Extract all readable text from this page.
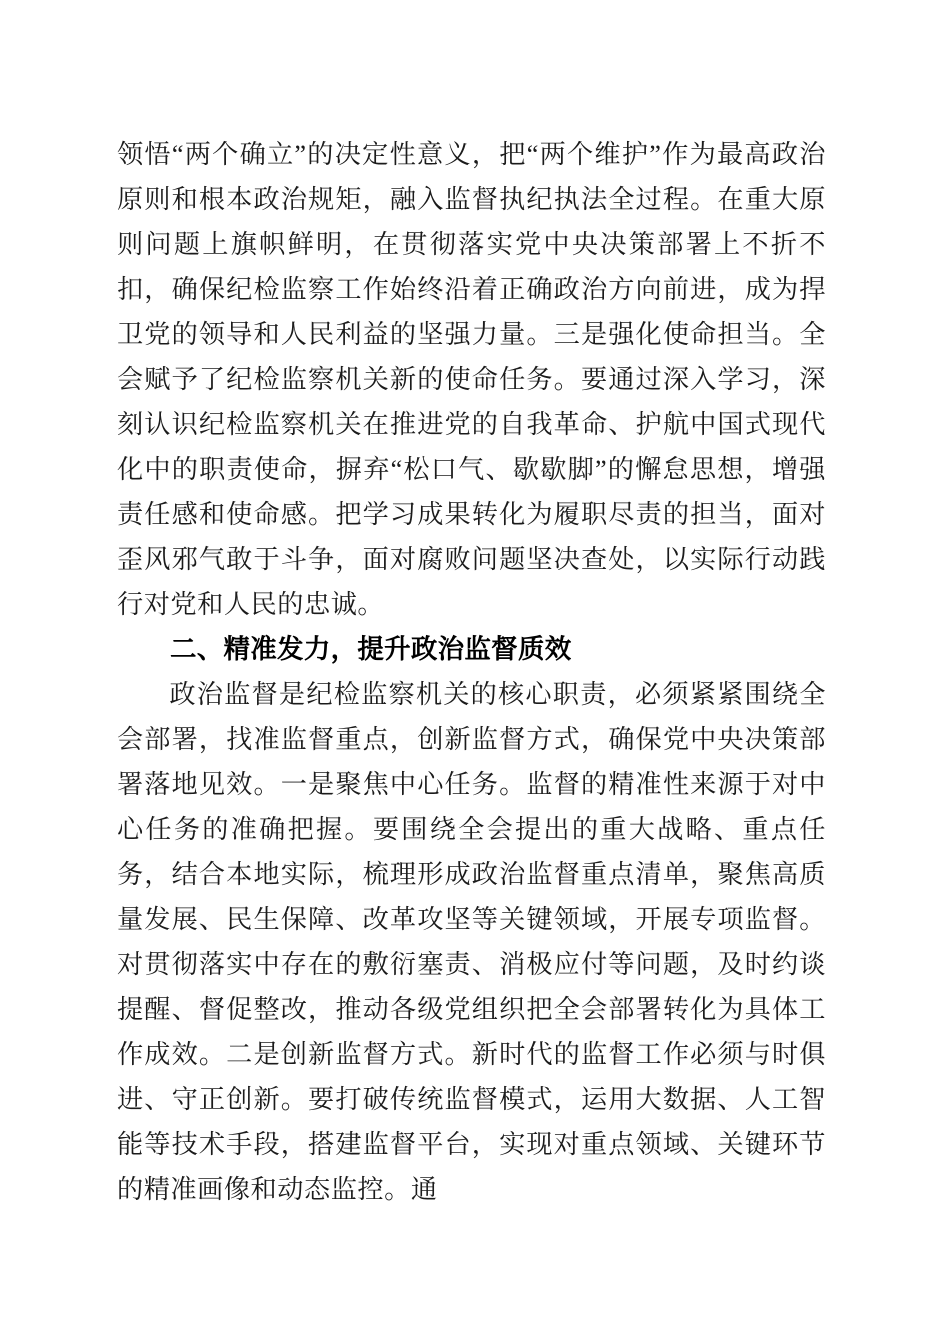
领悟“两个确立”的决定性意义，把“两个维护”作为最高政治原则和根本政治规矩，融入监督执纪执法全过程。在重大原则问题上旗帜鲜明，在贯彻落实党中央决策部署上不折不扣，确保纪检监察工作始终沿着正确政治方向前进，成为捍卫党的领导和人民利益的坚强力量。三是强化使命担当。全会赋予了纪检监察机关新的使命任务。要通过深入学习，深刻认识纪检监察机关在推进党的自我革命、护航中国式现代化中的职责使命，摒弃“松口气、歇歇脚”的懈怠思想，增强责任感和使命感。把学习成果转化为履职尽责的担当，面对歪风邪气敢于斗争，面对腐败问题坚决查处，以实际行动践行对党和人民的忠诚。

二、精准发力，提升政治监督质效

政治监督是纪检监察机关的核心职责，必须紧紧围绕全会部署，找准监督重点，创新监督方式，确保党中央决策部署落地见效。一是聚焦中心任务。监督的精准性来源于对中心任务的准确把握。要围绕全会提出的重大战略、重点任务，结合本地实际，梳理形成政治监督重点清单，聚焦高质量发展、民生保障、改革攻坚等关键领域，开展专项监督。对贯彻落实中存在的敷衍塞责、消极应付等问题，及时约谈提醒、督促整改，推动各级党组织把全会部署转化为具体工作成效。二是创新监督方式。新时代的监督工作必须与时俱进、守正创新。要打破传统监督模式，运用大数据、人工智能等技术手段，搭建监督平台，实现对重点领域、关键环节的精准画像和动态监控。通
